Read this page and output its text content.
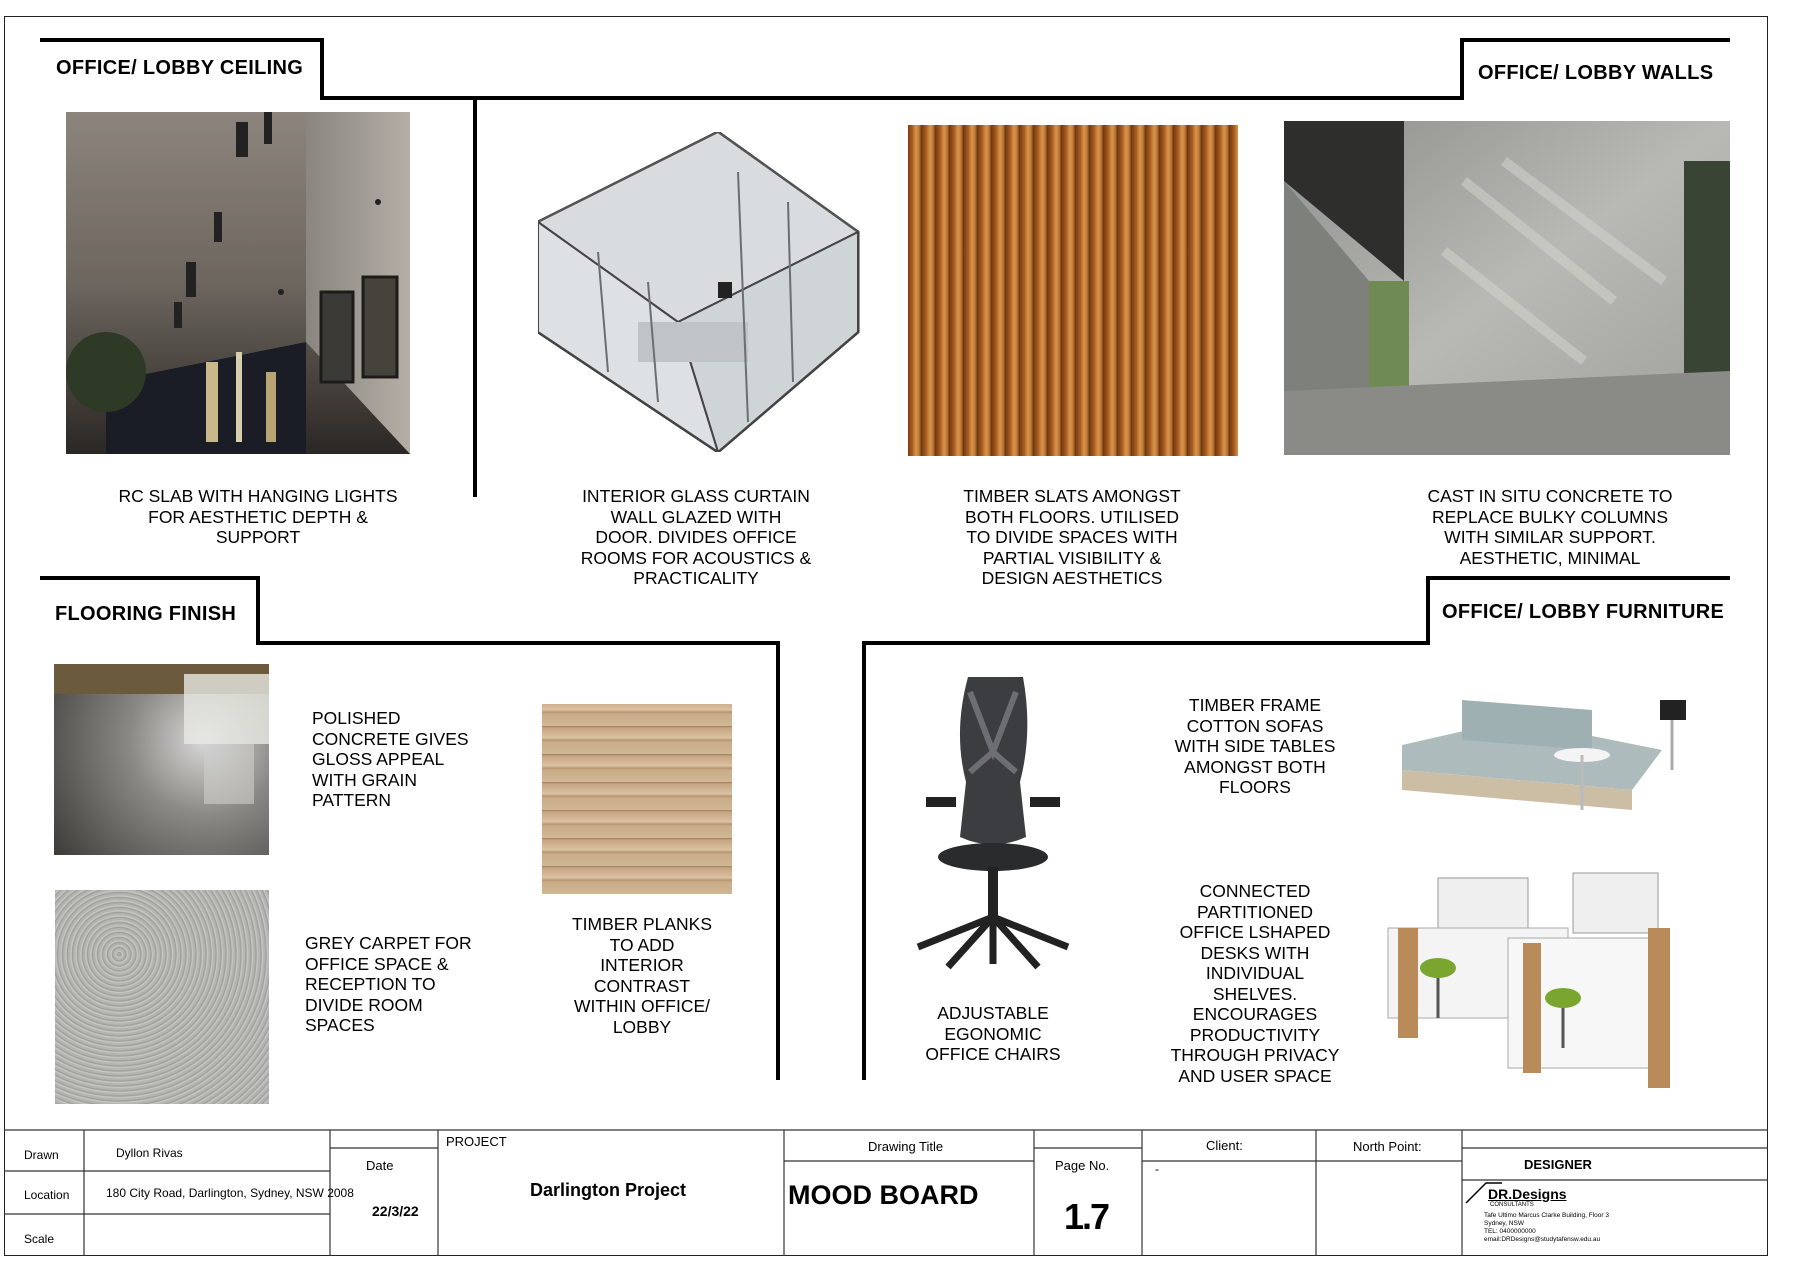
OFFICE/ LOBBY CEILING	OFFICE/ LOBBY WALLS
FLOORING FINISH	OFFICE/ LOBBY FURNITURE
RC SLAB WITH HANGING LIGHTS
FOR AESTHETIC DEPTH &
SUPPORT
INTERIOR GLASS CURTAIN
WALL GLAZED WITH
DOOR. DIVIDES OFFICE
ROOMS FOR ACOUSTICS &
PRACTICALITY
TIMBER SLATS AMONGST
BOTH FLOORS. UTILISED
TO DIVIDE SPACES WITH
PARTIAL VISIBILITY &
DESIGN AESTHETICS
CAST IN SITU CONCRETE TO
REPLACE BULKY COLUMNS
WITH SIMILAR SUPPORT.
AESTHETIC, MINIMAL
POLISHED
CONCRETE GIVES
GLOSS APPEAL
WITH GRAIN
PATTERN
GREY CARPET FOR
OFFICE SPACE &
RECEPTION TO
DIVIDE ROOM
SPACES
TIMBER PLANKS
TO ADD
INTERIOR
CONTRAST
WITHIN OFFICE/
LOBBY
ADJUSTABLE
EGONOMIC
OFFICE CHAIRS
TIMBER FRAME
COTTON SOFAS
WITH SIDE TABLES
AMONGST BOTH
FLOORS
CONNECTED
PARTITIONED
OFFICE LSHAPED
DESKS WITH
INDIVIDUAL
SHELVES.
ENCOURAGES
PRODUCTIVITY
THROUGH PRIVACY
AND USER SPACE
Drawn	Dyllon Rivas
Location	180 City Road, Darlington, Sydney, NSW 2008
Scale
Date
22/3/22
PROJECT
Darlington Project
Drawing Title
MOOD BOARD
Page No.
1.7
Client:
-
North Point:
DESIGNER
DR.Designs
CONSULTANTS
Tafe Ultimo Marcus Clarke Building, Floor 3
Sydney, NSW
TEL: 0400000000
email:DRDesigns@studytafensw.edu.au
